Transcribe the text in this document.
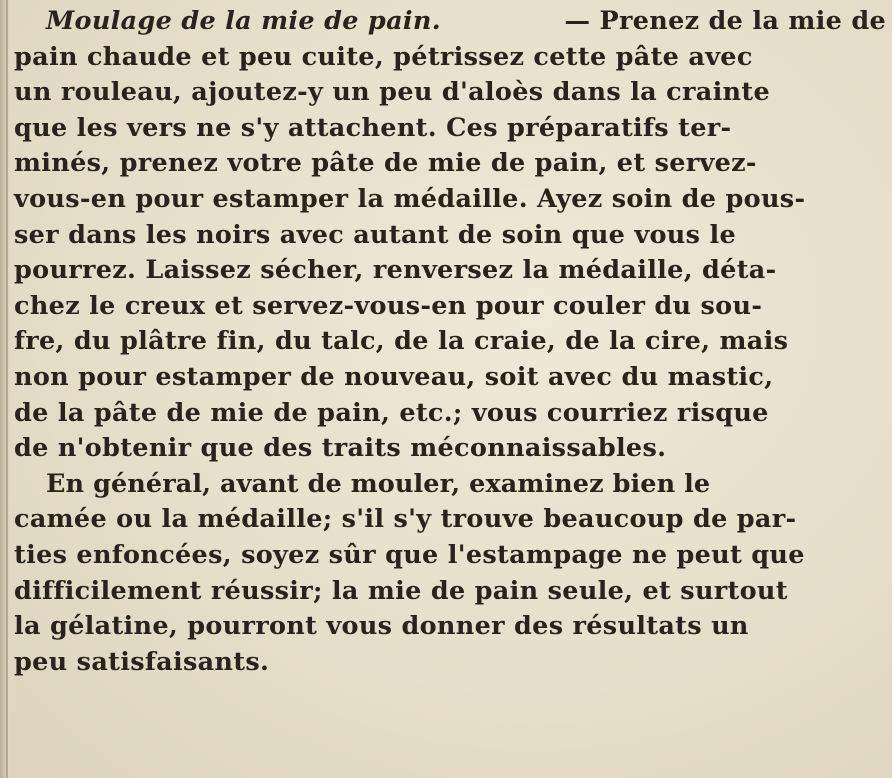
Moulage de la mie de pain.	— Prenez de la mie de
pain chaude et peu cuite, pétrissez cette pâte avec
un rouleau, ajoutez-y un peu d'aloès dans la crainte
que les vers ne s'y attachent. Ces préparatifs ter-
minés, prenez votre pâte de mie de pain, et servez-
vous-en pour estamper la médaille. Ayez soin de pous-
ser dans les noirs avec autant de soin que vous le
pourrez. Laissez sécher, renversez la médaille, déta-
chez le creux et servez-vous-en pour couler du sou-
fre, du plâtre fin, du talc, de la craie, de la cire, mais
non pour estamper de nouveau, soit avec du mastic,
de la pâte de mie de pain, etc.; vous courriez risque
de n'obtenir que des traits méconnaissables.
En général, avant de mouler, examinez bien le
camée ou la médaille; s'il s'y trouve beaucoup de par-
ties enfoncées, soyez sûr que l'estampage ne peut que
difficilement réussir; la mie de pain seule, et surtout
la gélatine, pourront vous donner des résultats un
peu satisfaisants.
